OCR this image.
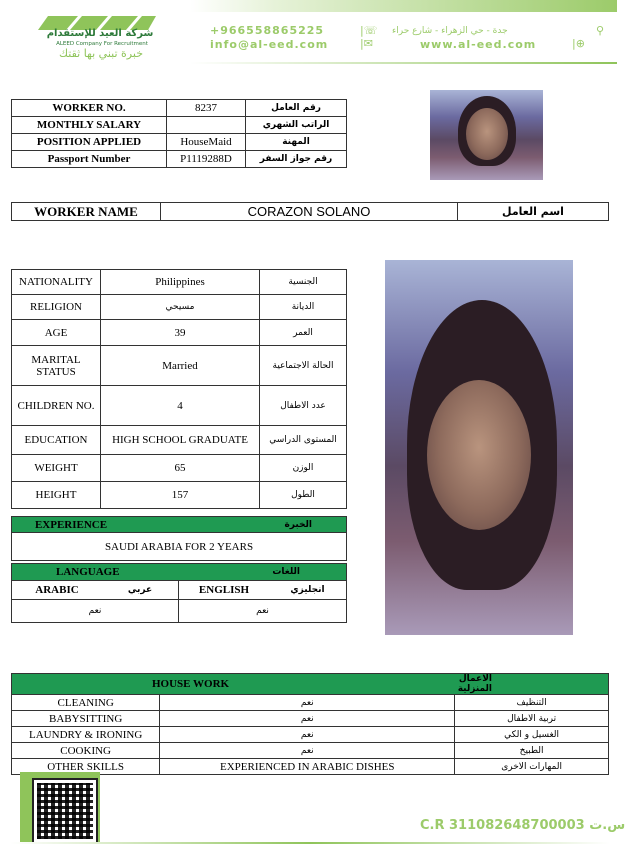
شركة العيد للإستقدام
ALEED Company For Recruitment
خبرة تبني بها ثقتك
+966558865225	|☏ جدة - حي الزهراء - شارع حراء	⚲
info@al-eed.com	|✉	www.al-eed.com	|⊕
WORKER NO.	8237	رقم العامل
MONTHLY SALARY		الراتب الشهري
POSITION APPLIED	HouseMaid	المهنة
Passport Number	P1119288D	رقم جواز السفر
WORKER NAME	CORAZON SOLANO	اسم العامل
NATIONALITY	Philippines	الجنسية
RELIGION	مسيحي	الديانة
AGE	39	العمر
MARITAL STATUS	Married	الحالة الاجتماعية
CHILDREN NO.	4	عدد الاطفال
EDUCATION	HIGH SCHOOL GRADUATE	المستوى الدراسي
WEIGHT	65	الوزن
HEIGHT	157	الطول
EXPERIENCE	الخبرة
SAUDI ARABIA FOR 2 YEARS
LANGUAGE		اللغات	
ARABIC	عربي	ENGLISH	انجليزي
نعم		نعم	
HOUSE WORK		الاعمال المنزلية
CLEANING	نعم	التنظيف
BABYSITTING	نعم	تربية الاطفال
LAUNDRY & IRONING	نعم	الغسيل و الكي
COOKING	نعم	الطبيخ
OTHER SKILLS	EXPERIENCED IN ARABIC DISHES	المهارات الاخرى
C.R 311082648700003 س.ت
